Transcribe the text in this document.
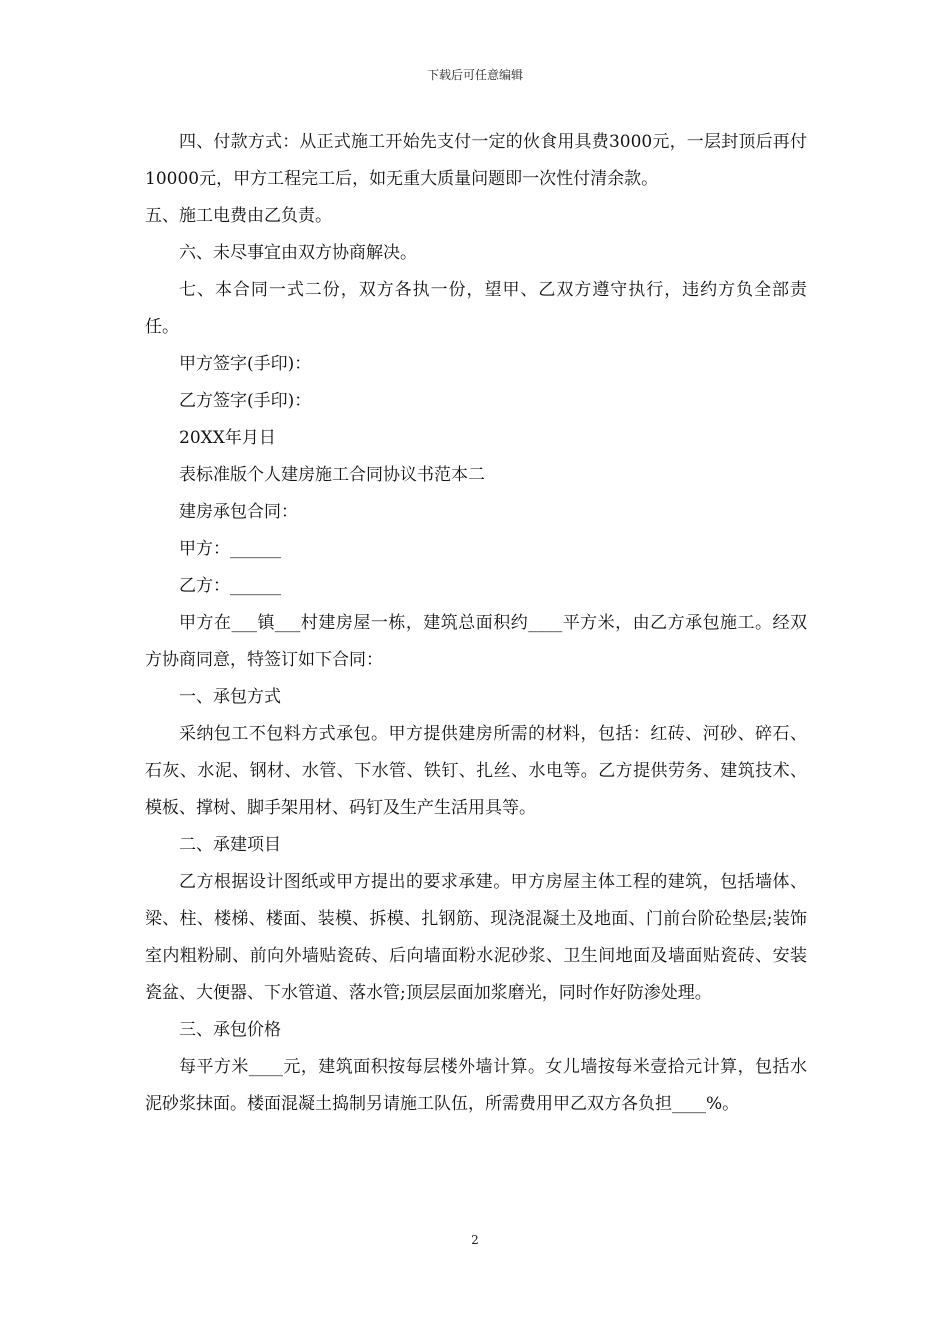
下载后可任意编辑

四、付款方式：从正式施工开始先支付一定的伙食用具费3000元，一层封顶后再付10000元，甲方工程完工后，如无重大质量问题即一次性付清余款。

五、施工电费由乙负责。

六、未尽事宜由双方协商解决。

七、本合同一式二份，双方各执一份，望甲、乙双方遵守执行，违约方负全部责任。

甲方签字(手印)：

乙方签字(手印)：

20XX年月日

表标准版个人建房施工合同协议书范本二

建房承包合同：

甲方：______

乙方：______

甲方在___镇___村建房屋一栋，建筑总面积约____平方米，由乙方承包施工。经双方协商同意，特签订如下合同：

一、承包方式

采纳包工不包料方式承包。甲方提供建房所需的材料，包括：红砖、河砂、碎石、石灰、水泥、钢材、水管、下水管、铁钉、扎丝、水电等。乙方提供劳务、建筑技术、模板、撑树、脚手架用材、码钉及生产生活用具等。

二、承建项目

乙方根据设计图纸或甲方提出的要求承建。甲方房屋主体工程的建筑，包括墙体、梁、柱、楼梯、楼面、装模、拆模、扎钢筋、现浇混凝土及地面、门前台阶砼垫层;装饰室内粗粉刷、前向外墙贴瓷砖、后向墙面粉水泥砂浆、卫生间地面及墙面贴瓷砖、安装瓷盆、大便器、下水管道、落水管;顶层层面加浆磨光，同时作好防渗处理。

三、承包价格

每平方米____元，建筑面积按每层楼外墙计算。女儿墙按每米壹拾元计算，包括水泥砂浆抹面。楼面混凝土捣制另请施工队伍，所需费用甲乙双方各负担____%。

2
